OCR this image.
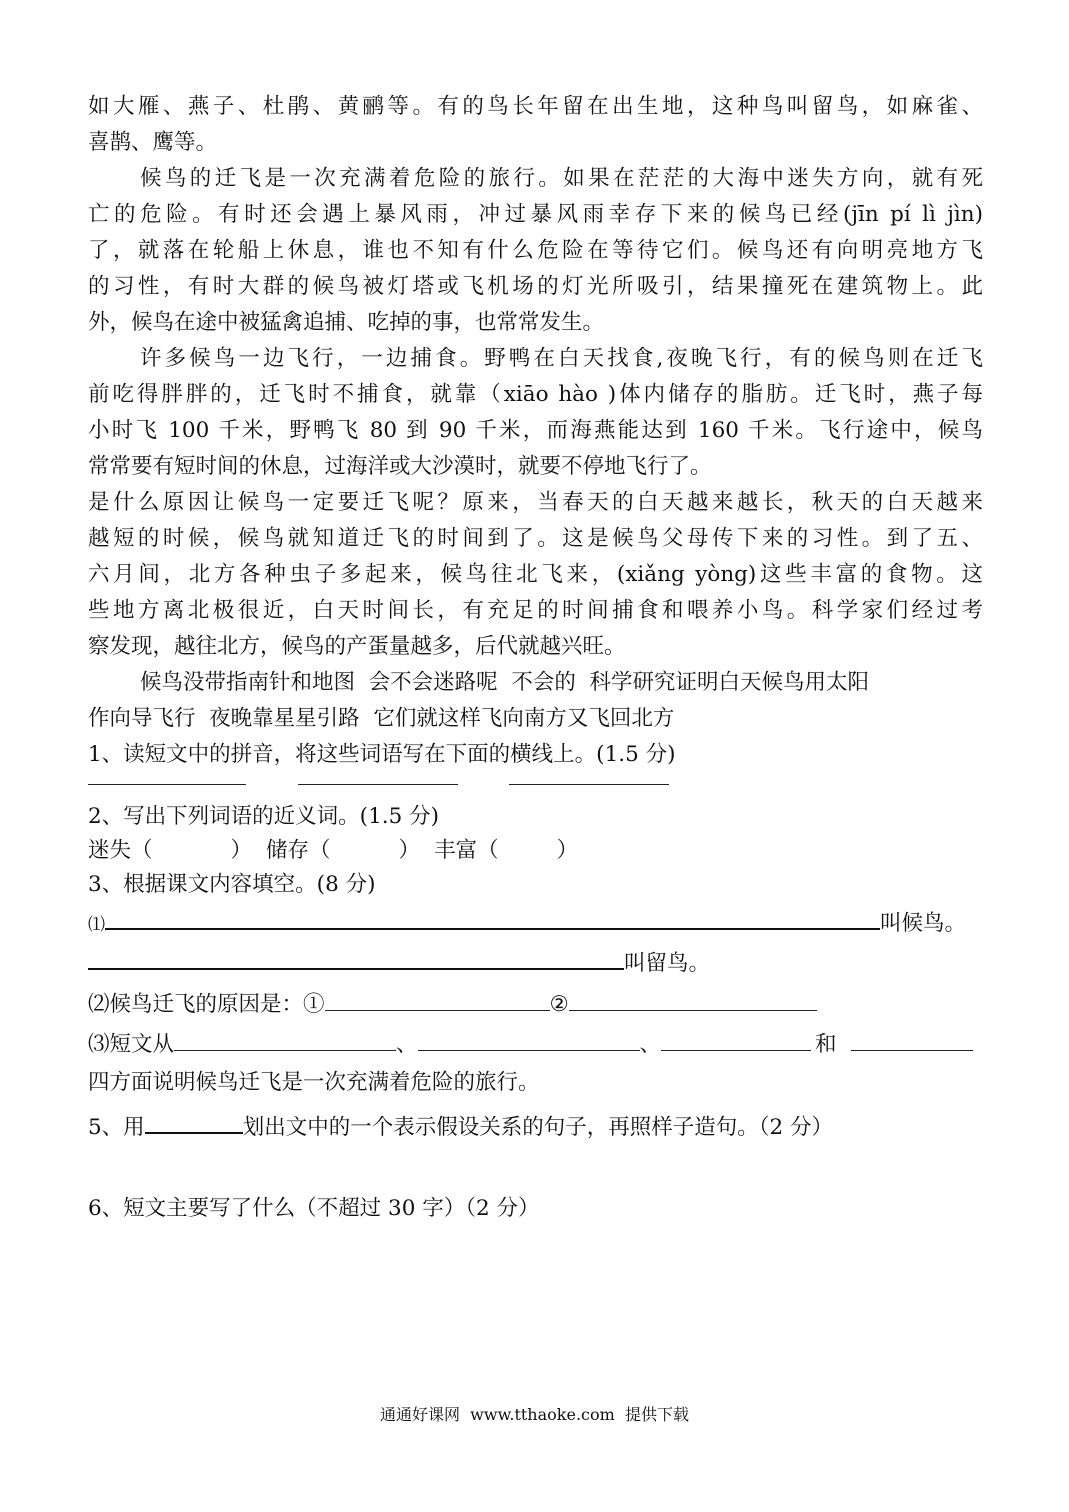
如大雁、燕子、杜鹃、黄鹂等。有的鸟长年留在出生地，这种鸟叫留鸟，如麻雀、
喜鹊、鹰等。
候鸟的迁飞是一次充满着危险的旅行。如果在茫茫的大海中迷失方向，就有死
亡的危险。有时还会遇上暴风雨，冲过暴风雨幸存下来的候鸟已经(jīn pí lì jìn)
了，就落在轮船上休息，谁也不知有什么危险在等待它们。候鸟还有向明亮地方飞
的习性，有时大群的候鸟被灯塔或飞机场的灯光所吸引，结果撞死在建筑物上。此
外，候鸟在途中被猛禽追捕、吃掉的事，也常常发生。
许多候鸟一边飞行，一边捕食。野鸭在白天找食,夜晚飞行，有的候鸟则在迁飞
前吃得胖胖的，迁飞时不捕食，就靠（xiāo hào )体内储存的脂肪。迁飞时，燕子每
小时飞 100 千米，野鸭飞 80 到 90 千米，而海燕能达到 160 千米。飞行途中，候鸟
常常要有短时间的休息，过海洋或大沙漠时，就要不停地飞行了。
是什么原因让候鸟一定要迁飞呢？原来，当春天的白天越来越长，秋天的白天越来
越短的时候，候鸟就知道迁飞的时间到了。这是候鸟父母传下来的习性。到了五、
六月间，北方各种虫子多起来，候鸟往北飞来，(xiǎng yòng)这些丰富的食物。这
些地方离北极很近，白天时间长，有充足的时间捕食和喂养小鸟。科学家们经过考
察发现，越往北方，候鸟的产蛋量越多，后代就越兴旺。
候鸟没带指南针和地图  会不会迷路呢  不会的  科学研究证明白天候鸟用太阳
作向导飞行  夜晚靠星星引路  它们就这样飞向南方又飞回北方
1、读短文中的拼音，将这些词语写在下面的横线上。(1.5 分)

2、写出下列词语的近义词。(1.5 分)
迷失（	） 储存（	） 丰富（	）
3、根据课文内容填空。(8 分)
⑴	叫候鸟。
叫留鸟。
⑵候鸟迁飞的原因是：①	②
⑶短文从	、	、	和
四方面说明候鸟迁飞是一次充满着危险的旅行。
5、用	划出文中的一个表示假设关系的句子，再照样子造句。（2 分）
6、短文主要写了什么（不超过 30 字）（2 分）
通通好课网  www.tthaoke.com  提供下载
